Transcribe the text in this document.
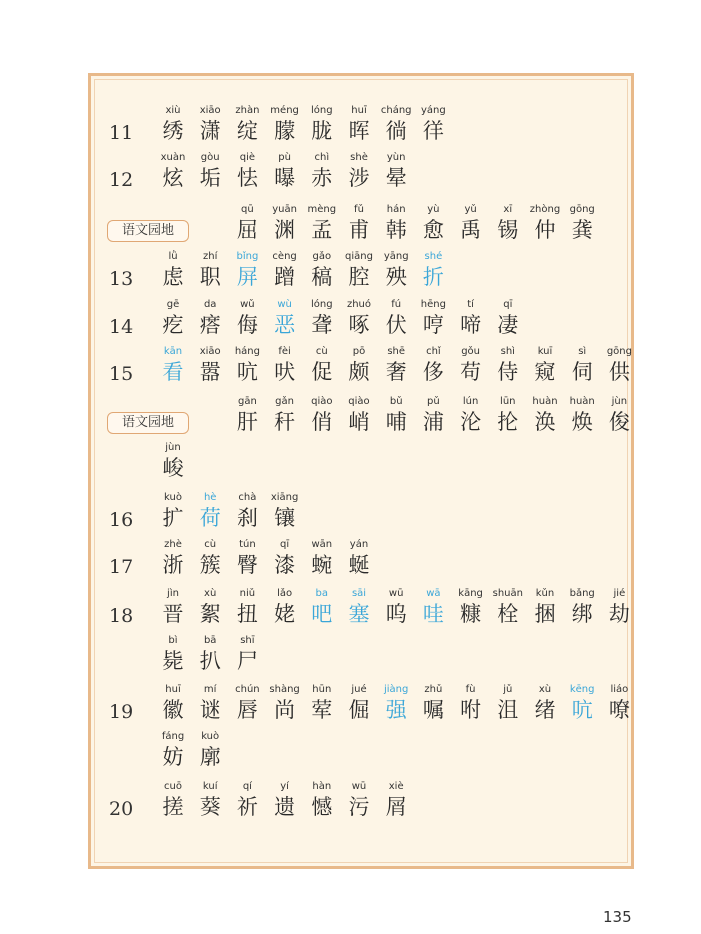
11
xiù
绣
xiāo
潇
zhàn
绽
méng
朦
lóng
胧
huī
晖
cháng
徜
yáng
徉
12
xuàn
炫
gòu
垢
qiè
怯
pù
曝
chì
赤
shè
涉
yùn
晕
语文园地
qū
屈
yuān
渊
mèng
孟
fǔ
甫
hán
韩
yù
愈
yǔ
禹
xī
锡
zhòng
仲
gōng
龚
13
lǜ
虑
zhí
职
bǐng
屏
cèng
蹭
gǎo
稿
qiāng
腔
yāng
殃
shé
折
14
gē
疙
da
瘩
wǔ
侮
wù
恶
lóng
聋
zhuó
啄
fú
伏
hēng
哼
tí
啼
qī
凄
15
kān
看
xiāo
嚣
háng
吭
fèi
吠
cù
促
pō
颇
shē
奢
chǐ
侈
gǒu
苟
shì
侍
kuī
窥
sì
伺
gōng
供
语文园地
gān
肝
gǎn
秆
qiào
俏
qiào
峭
bǔ
哺
pǔ
浦
lún
沦
lūn
抡
huàn
涣
huàn
焕
jùn
俊
jùn
峻
16
kuò
扩
hè
荷
chà
刹
xiāng
镶
17
zhè
浙
cù
簇
tún
臀
qī
漆
wān
蜿
yán
蜒
18
jìn
晋
xù
絮
niǔ
扭
lǎo
姥
ba
吧
sāi
塞
wū
呜
wā
哇
kāng
糠
shuān
栓
kǔn
捆
bǎng
绑
jié
劫
bì
毙
bā
扒
shī
尸
19
huī
徽
mí
谜
chún
唇
shàng
尚
hūn
荤
jué
倔
jiàng
强
zhǔ
嘱
fù
咐
jǔ
沮
xù
绪
kēng
吭
liáo
嘹
fáng
妨
kuò
廓
20
cuō
搓
kuí
葵
qí
祈
yí
遗
hàn
憾
wū
污
xiè
屑
135
